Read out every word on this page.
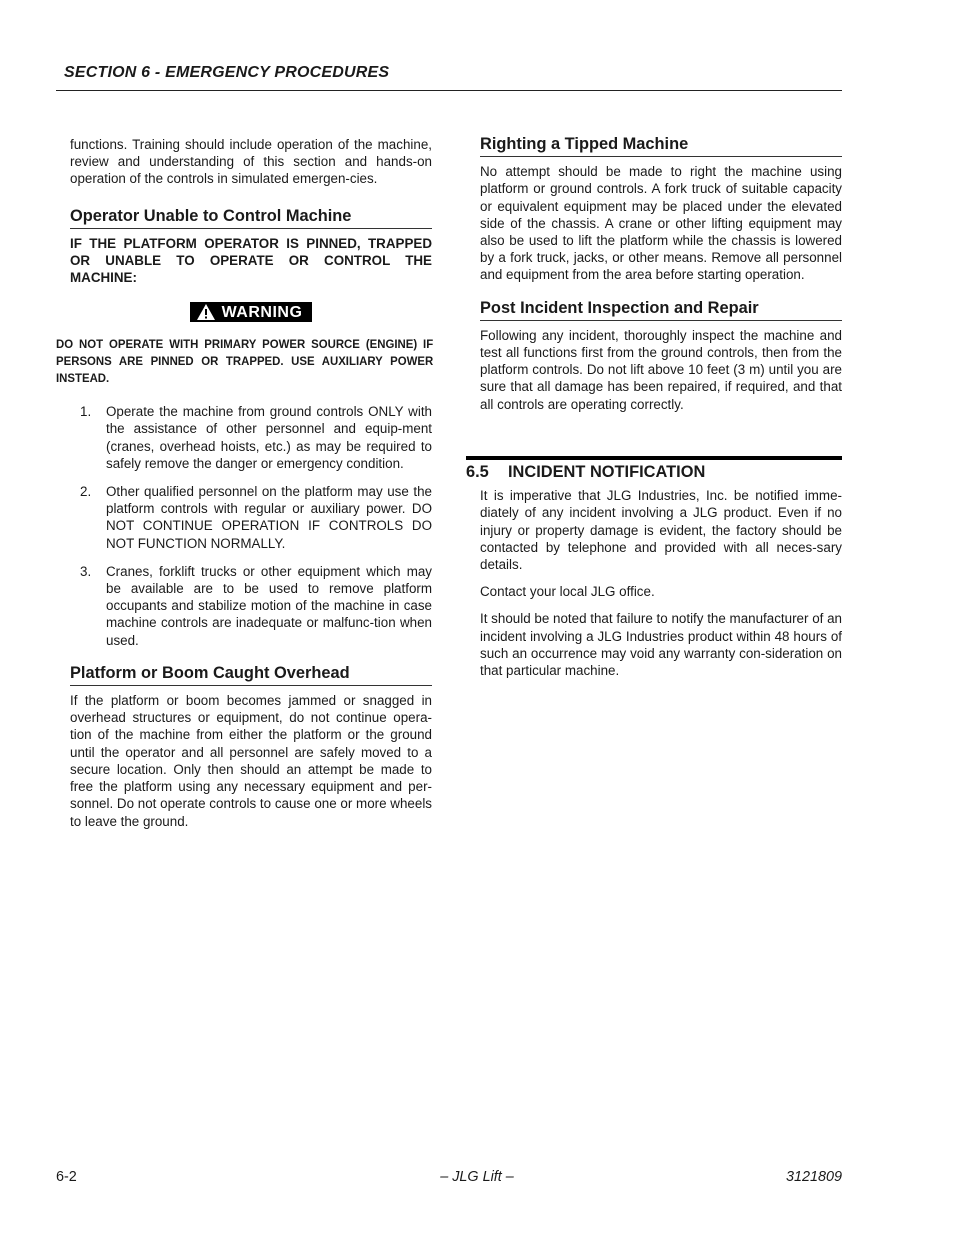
SECTION 6 - EMERGENCY PROCEDURES

functions. Training should include operation of the machine, review and understanding of this section and hands-on operation of the controls in simulated emergen-cies.

Operator Unable to Control Machine

IF THE PLATFORM OPERATOR IS PINNED, TRAPPED OR UNABLE TO OPERATE OR CONTROL THE MACHINE:

WARNING
DO NOT OPERATE WITH PRIMARY POWER SOURCE (ENGINE) IF PERSONS ARE PINNED OR TRAPPED. USE AUXILIARY POWER INSTEAD.
1.	Operate the machine from ground controls ONLY with the assistance of other personnel and equip-ment (cranes, overhead hoists, etc.) as may be required to safely remove the danger or emergency condition.
2.	Other qualified personnel on the platform may use the platform controls with regular or auxiliary power. DO NOT CONTINUE OPERATION IF CONTROLS DO NOT FUNCTION NORMALLY.
3.	Cranes, forklift trucks or other equipment which may be available are to be used to remove platform occupants and stabilize motion of the machine in case machine controls are inadequate or malfunc-tion when used.
Platform or Boom Caught Overhead

If the platform or boom becomes jammed or snagged in overhead structures or equipment, do not continue opera-tion of the machine from either the platform or the ground until the operator and all personnel are safely moved to a secure location. Only then should an attempt be made to free the platform using any necessary equipment and per-sonnel. Do not operate controls to cause one or more wheels to leave the ground.

Righting a Tipped Machine

No attempt should be made to right the machine using platform or ground controls. A fork truck of suitable capacity or equivalent equipment may be placed under the elevated side of the chassis. A crane or other lifting equipment may also be used to lift the platform while the chassis is lowered by a fork truck, jacks, or other means. Remove all personnel and equipment from the area before starting operation.

Post Incident Inspection and Repair

Following any incident, thoroughly inspect the machine and test all functions first from the ground controls, then from the platform controls. Do not lift above 10 feet (3 m) until you are sure that all damage has been repaired, if required, and that all controls are operating correctly.

6.5	INCIDENT NOTIFICATION

It is imperative that JLG Industries, Inc. be notified imme-diately of any incident involving a JLG product. Even if no injury or property damage is evident, the factory should be contacted by telephone and provided with all neces-sary details.

Contact your local JLG office.

It should be noted that failure to notify the manufacturer of an incident involving a JLG Industries product within 48 hours of such an occurrence may void any warranty con-sideration on that particular machine.

6-2	– JLG Lift –	3121809
